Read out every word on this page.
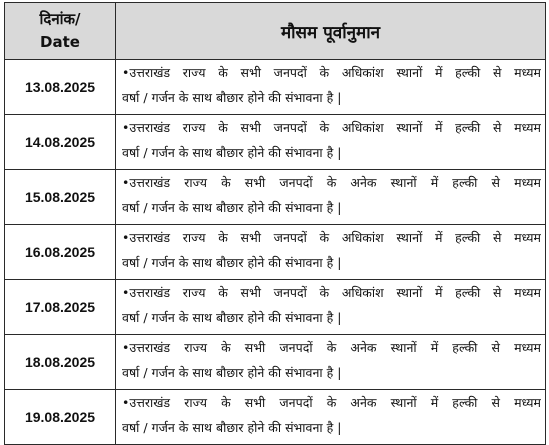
दिनांक/
Date	मौसम पूर्वानुमान
13.08.2025	•उत्तराखंड राज्य के सभी जनपदों के अधिकांश स्थानों में हल्की से मध्यम
वर्षा / गर्जन के साथ बौछार होने की संभावना है |

14.08.2025	•उत्तराखंड राज्य के सभी जनपदों के अधिकांश स्थानों में हल्की से मध्यम
वर्षा / गर्जन के साथ बौछार होने की संभावना है |

15.08.2025	•उत्तराखंड राज्य के सभी जनपदों के अनेक स्थानों में हल्की से मध्यम
वर्षा / गर्जन के साथ बौछार होने की संभावना है |

16.08.2025	•उत्तराखंड राज्य के सभी जनपदों के अधिकांश स्थानों में हल्की से मध्यम
वर्षा / गर्जन के साथ बौछार होने की संभावना है |

17.08.2025	•उत्तराखंड राज्य के सभी जनपदों के अधिकांश स्थानों में हल्की से मध्यम
वर्षा / गर्जन के साथ बौछार होने की संभावना है |

18.08.2025	•उत्तराखंड राज्य के सभी जनपदों के अनेक स्थानों में हल्की से मध्यम
वर्षा / गर्जन के साथ बौछार होने की संभावना है |

19.08.2025	•उत्तराखंड राज्य के सभी जनपदों के अनेक स्थानों में हल्की से मध्यम
वर्षा / गर्जन के साथ बौछार होने की संभावना है |
